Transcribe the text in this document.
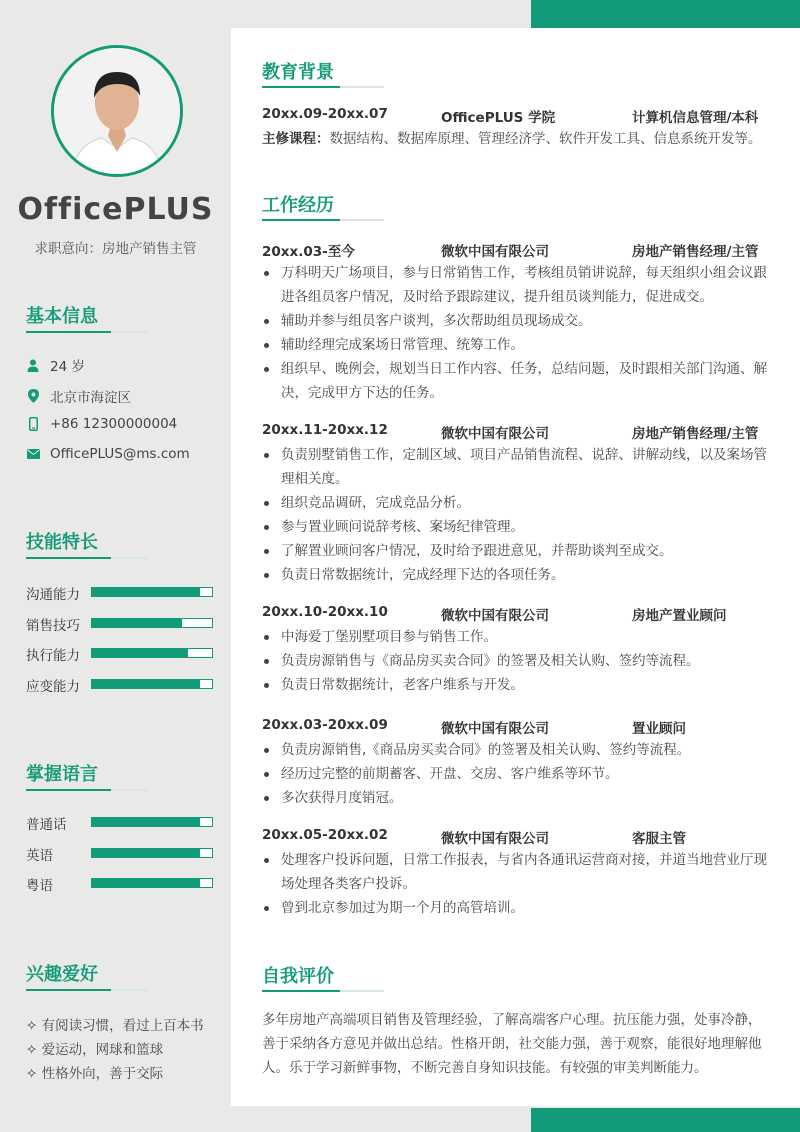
OfficePLUS
求职意向：房地产销售主管
基本信息
24 岁
北京市海淀区
+86 12300000004
OfficePLUS@ms.com
技能特长
沟通能力
销售技巧
执行能力
应变能力
掌握语言
普通话
英语
粤语
兴趣爱好
✧ 有阅读习惯，看过上百本书
✧ 爱运动，网球和篮球
✧ 性格外向，善于交际
教育背景
20xx.09-20xx.07	OfficePLUS 学院	计算机信息管理/本科
主修课程：数据结构、数据库原理、管理经济学、软件开发工具、信息系统开发等。
工作经历
20xx.03-至今	微软中国有限公司	房地产销售经理/主管
万科明天广场项目，参与日常销售工作，考核组员销讲说辞，每天组织小组会议跟进各组员客户情况，及时给予跟踪建议，提升组员谈判能力，促进成交。
辅助并参与组员客户谈判，多次帮助组员现场成交。
辅助经理完成案场日常管理、统筹工作。
组织早、晚例会，规划当日工作内容、任务，总结问题，及时跟相关部门沟通、解决，完成甲方下达的任务。
20xx.11-20xx.12	微软中国有限公司	房地产销售经理/主管
负责别墅销售工作，定制区域、项目产品销售流程、说辞、讲解动线，以及案场管理相关度。
组织竞品调研，完成竞品分析。
参与置业顾问说辞考核、案场纪律管理。
了解置业顾问客户情况，及时给予跟进意见，并帮助谈判至成交。
负责日常数据统计，完成经理下达的各项任务。
20xx.10-20xx.10	微软中国有限公司	房地产置业顾问
中海爱丁堡别墅项目参与销售工作。
负责房源销售与《商品房买卖合同》的签署及相关认购、签约等流程。
负责日常数据统计，老客户维系与开发。
20xx.03-20xx.09	微软中国有限公司	置业顾问
负责房源销售,《商品房买卖合同》的签署及相关认购、签约等流程。
经历过完整的前期蓄客、开盘、交房、客户维系等环节。
多次获得月度销冠。
20xx.05-20xx.02	微软中国有限公司	客服主管
处理客户投诉问题，日常工作报表，与省内各通讯运营商对接，并道当地营业厅现场处理各类客户投诉。
曾到北京参加过为期一个月的高管培训。
自我评价
多年房地产高端项目销售及管理经验，了解高端客户心理。抗压能力强，处事冷静，善于采纳各方意见并做出总结。性格开朗，社交能力强，善于观察，能很好地理解他人。乐于学习新鲜事物，不断完善自身知识技能。有较强的审美判断能力。
